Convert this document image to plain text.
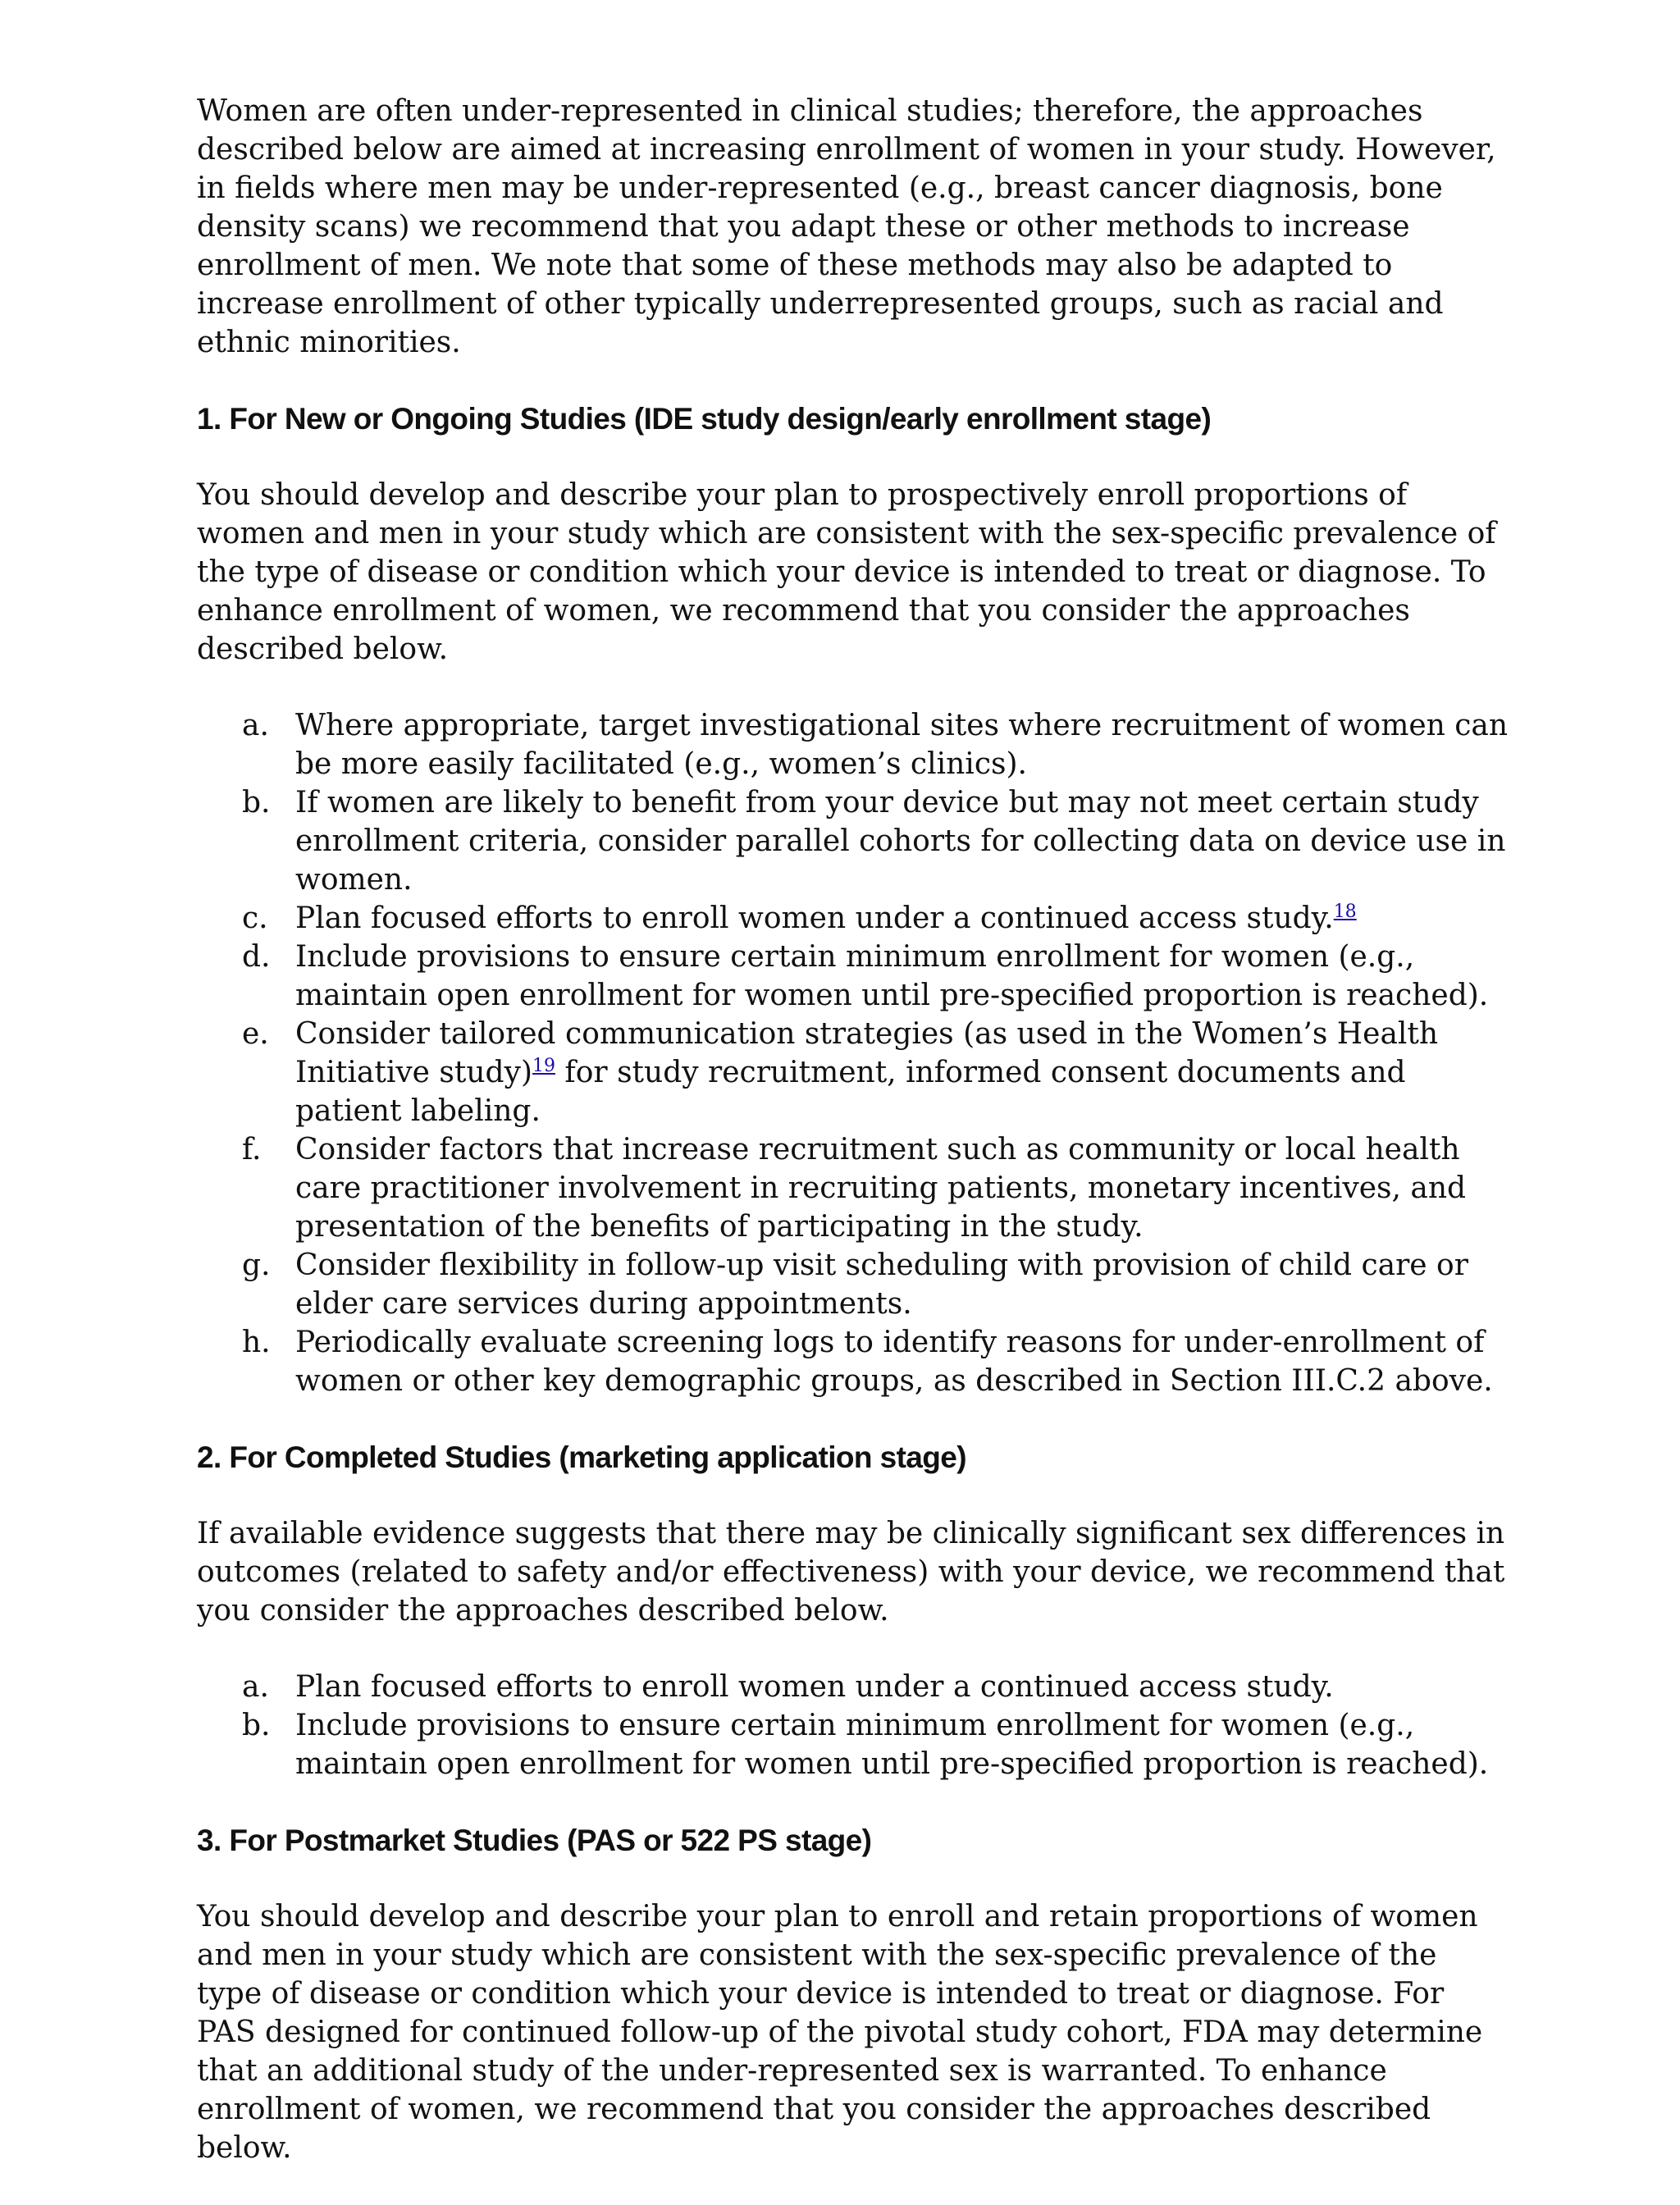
Women are often under-represented in clinical studies; therefore, the approaches described below are aimed at increasing enrollment of women in your study. However, in fields where men may be under-represented (e.g., breast cancer diagnosis, bone density scans) we recommend that you adapt these or other methods to increase enrollment of men. We note that some of these methods may also be adapted to increase enrollment of other typically underrepresented groups, such as racial and ethnic minorities.

1. For New or Ongoing Studies (IDE study design/early enrollment stage)

You should develop and describe your plan to prospectively enroll proportions of women and men in your study which are consistent with the sex-specific prevalence of the type of disease or condition which your device is intended to treat or diagnose. To enhance enrollment of women, we recommend that you consider the approaches described below.

a. Where appropriate, target investigational sites where recruitment of women can be more easily facilitated (e.g., women’s clinics).
b. If women are likely to benefit from your device but may not meet certain study enrollment criteria, consider parallel cohorts for collecting data on device use in women.
c. Plan focused efforts to enroll women under a continued access study.$^{18}$
d. Include provisions to ensure certain minimum enrollment for women (e.g., maintain open enrollment for women until pre-specified proportion is reached).
e. Consider tailored communication strategies (as used in the Women’s Health Initiative study)$^{19}$ for study recruitment, informed consent documents and patient labeling.
f. Consider factors that increase recruitment such as community or local health care practitioner involvement in recruiting patients, monetary incentives, and presentation of the benefits of participating in the study.
g. Consider flexibility in follow-up visit scheduling with provision of child care or elder care services during appointments.
h. Periodically evaluate screening logs to identify reasons for under-enrollment of women or other key demographic groups, as described in Section III.C.2 above.
2. For Completed Studies (marketing application stage)

If available evidence suggests that there may be clinically significant sex differences in outcomes (related to safety and/or effectiveness) with your device, we recommend that you consider the approaches described below.

a. Plan focused efforts to enroll women under a continued access study.
b. Include provisions to ensure certain minimum enrollment for women (e.g., maintain open enrollment for women until pre-specified proportion is reached).
3. For Postmarket Studies (PAS or 522 PS stage)

You should develop and describe your plan to enroll and retain proportions of women and men in your study which are consistent with the sex-specific prevalence of the type of disease or condition which your device is intended to treat or diagnose. For PAS designed for continued follow-up of the pivotal study cohort, FDA may determine that an additional study of the under-represented sex is warranted. To enhance enrollment of women, we recommend that you consider the approaches described below.
